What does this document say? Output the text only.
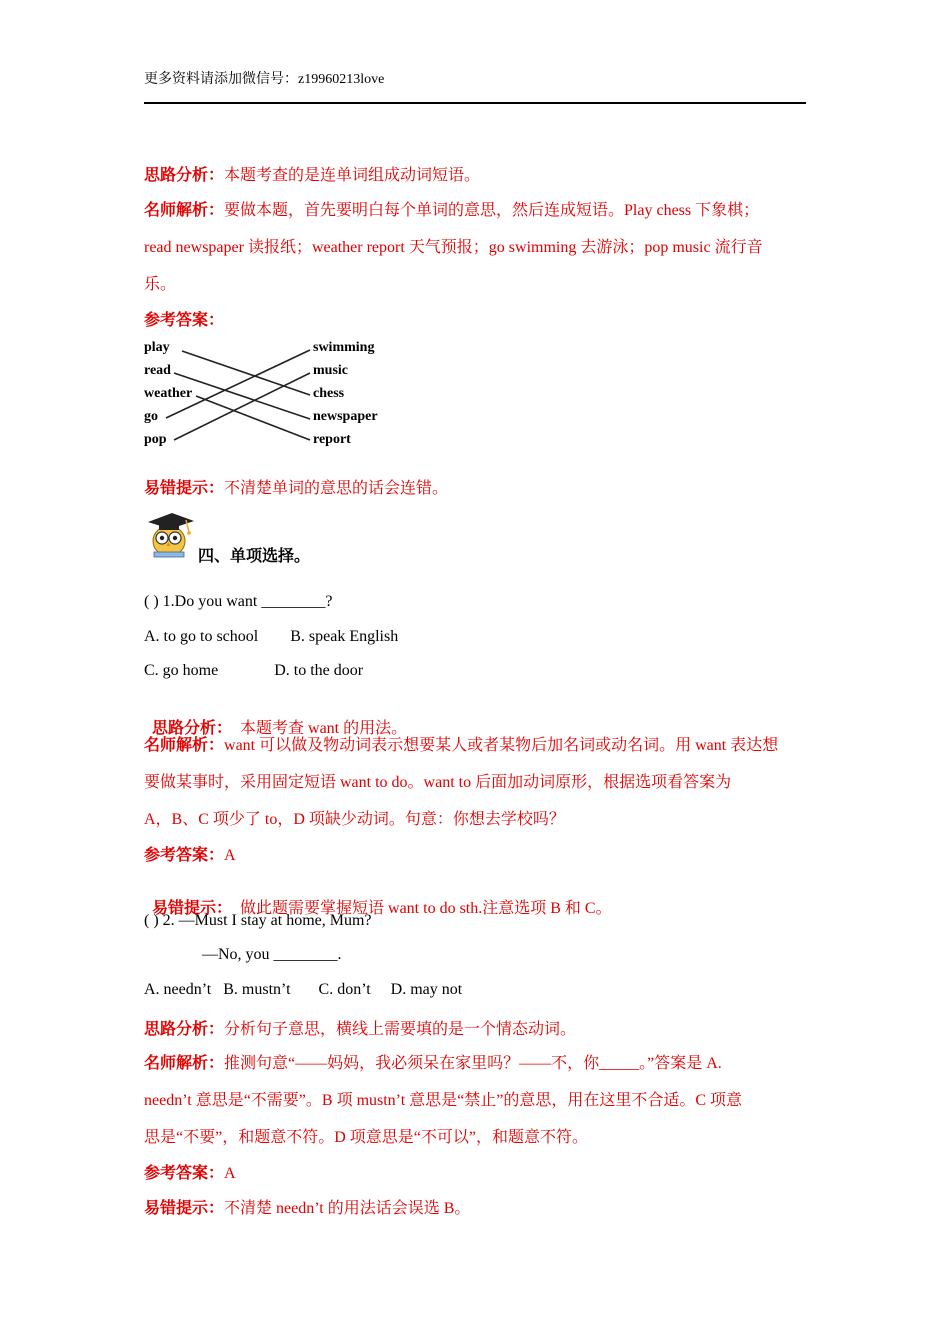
更多资料请添加微信号：z19960213love
思路分析：本题考查的是连单词组成动词短语。
名师解析：要做本题，首先要明白每个单词的意思，然后连成短语。Play chess 下象棋；
read newspaper 读报纸；weather report 天气预报；go swimming 去游泳；pop music 流行音
乐。
参考答案：
play
read
weather
go
pop
swimming
music
chess
newspaper
report
易错提示：不清楚单词的意思的话会连错。
四、单项选择。
( ) 1.Do you want ________?
A. to go to school        B. speak English
C. go home              D. to the door

思路分析：  本题考查 want 的用法。

名师解析：want 可以做及物动词表示想要某人或者某物后加名词或动名词。用 want 表达想
要做某事时，采用固定短语 want to do。want to 后面加动词原形，根据选项看答案为
A，B、C 项少了 to，D 项缺少动词。句意：你想去学校吗？
参考答案：A

易错提示：  做此题需要掌握短语 want to do sth.注意选项 B 和 C。

( ) 2. —Must I stay at home, Mum?
—No, you ________.
A. needn’t   B. mustn’t       C. don’t     D. may not
思路分析：分析句子意思，横线上需要填的是一个情态动词。
名师解析：推测句意“——妈妈，我必须呆在家里吗？——不，你_____。”答案是 A.
needn’t 意思是“不需要”。B 项 mustn’t 意思是“禁止”的意思，用在这里不合适。C 项意
思是“不要”，和题意不符。D 项意思是“不可以”，和题意不符。
参考答案：A
易错提示：不清楚 needn’t 的用法话会误选 B。
